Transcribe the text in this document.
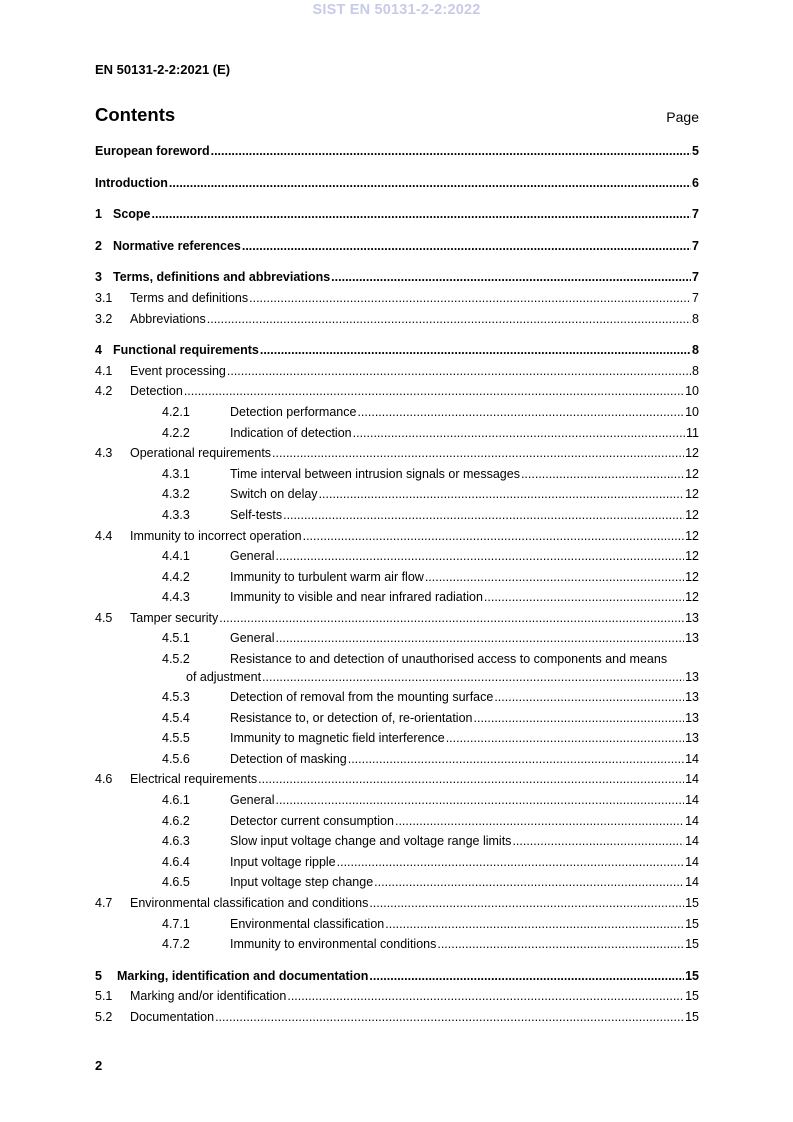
SIST EN 50131-2-2:2022
EN 50131-2-2:2021 (E)
Contents	Page
European foreword .....	5
Introduction .....	6
1 Scope .....	7
2 Normative references .....	7
3 Terms, definitions and abbreviations .....	7
3.1 Terms and definitions .....	7
3.2 Abbreviations .....	8
4 Functional requirements .....	8
4.1 Event processing .....	8
4.2 Detection .....	10
4.2.1	Detection performance .....	10
4.2.2	Indication of detection .....	11
4.3 Operational requirements .....	12
4.3.1	Time interval between intrusion signals or messages .....	12
4.3.2	Switch on delay .....	12
4.3.3	Self-tests .....	12
4.4 Immunity to incorrect operation .....	12
4.4.1	General .....	12
4.4.2	Immunity to turbulent warm air flow .....	12
4.4.3	Immunity to visible and near infrared radiation .....	12
4.5 Tamper security .....	13
4.5.1	General .....	13
4.5.2	Resistance to and detection of unauthorised access to components and means
of adjustment .....	13
4.5.3	Detection of removal from the mounting surface .....	13
4.5.4	Resistance to, or detection of, re-orientation .....	13
4.5.5	Immunity to magnetic field interference .....	13
4.5.6	Detection of masking .....	14
4.6 Electrical requirements .....	14
4.6.1	General .....	14
4.6.2	Detector current consumption .....	14
4.6.3	Slow input voltage change and voltage range limits .....	14
4.6.4	Input voltage ripple .....	14
4.6.5	Input voltage step change .....	14
4.7 Environmental classification and conditions .....	15
4.7.1	Environmental classification .....	15
4.7.2	Immunity to environmental conditions .....	15
5 Marking, identification and documentation .....	15
5.1 Marking and/or identification .....	15
5.2 Documentation .....	15
2
